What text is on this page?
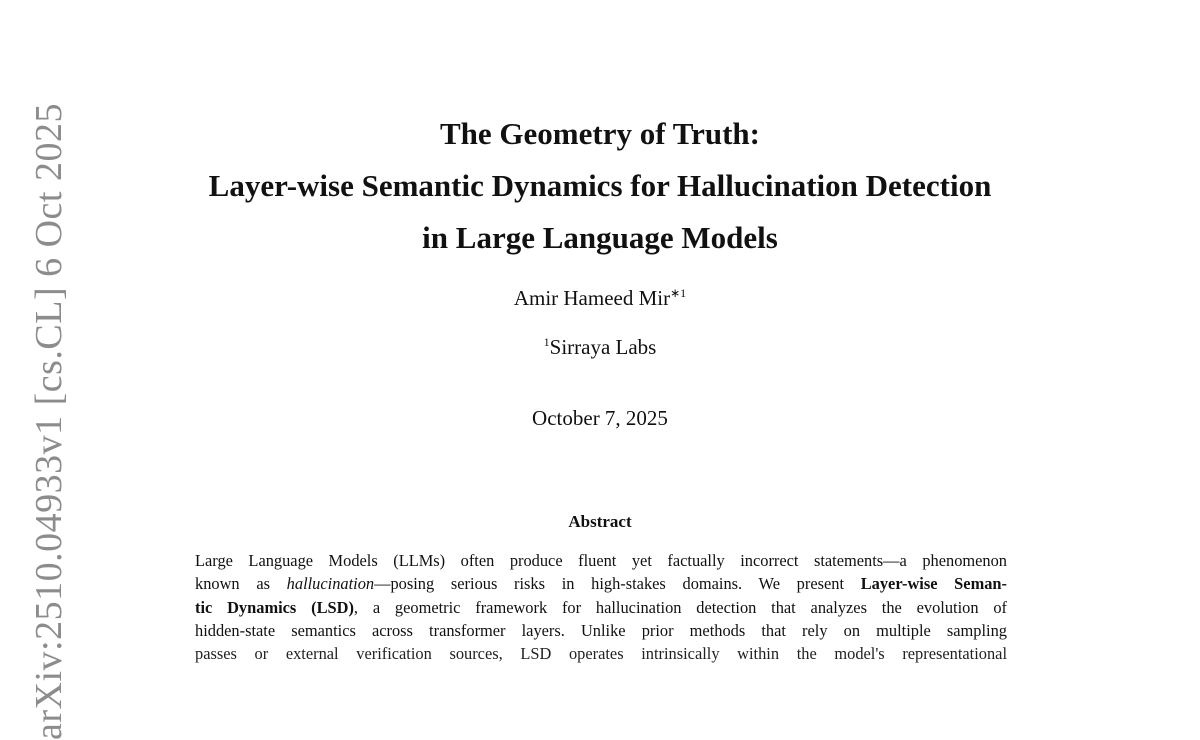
arXiv:2510.04933v1 [cs.CL] 6 Oct 2025	The Geometry of Truth:
Layer-wise Semantic Dynamics for Hallucination Detection
in Large Language Models
Amir Hameed Mir$^{∗1}$
$^1$Sirraya Labs
October 7, 2025
Abstract
Large Language Models (LLMs) often produce fluent yet factually incorrect statements—a phenomenon
known as hallucination—posing serious risks in high-stakes domains. We present Layer-wise Seman-
tic Dynamics (LSD), a geometric framework for hallucination detection that analyzes the evolution of
hidden-state semantics across transformer layers. Unlike prior methods that rely on multiple sampling
passes or external verification sources, LSD operates intrinsically within the model's representational
